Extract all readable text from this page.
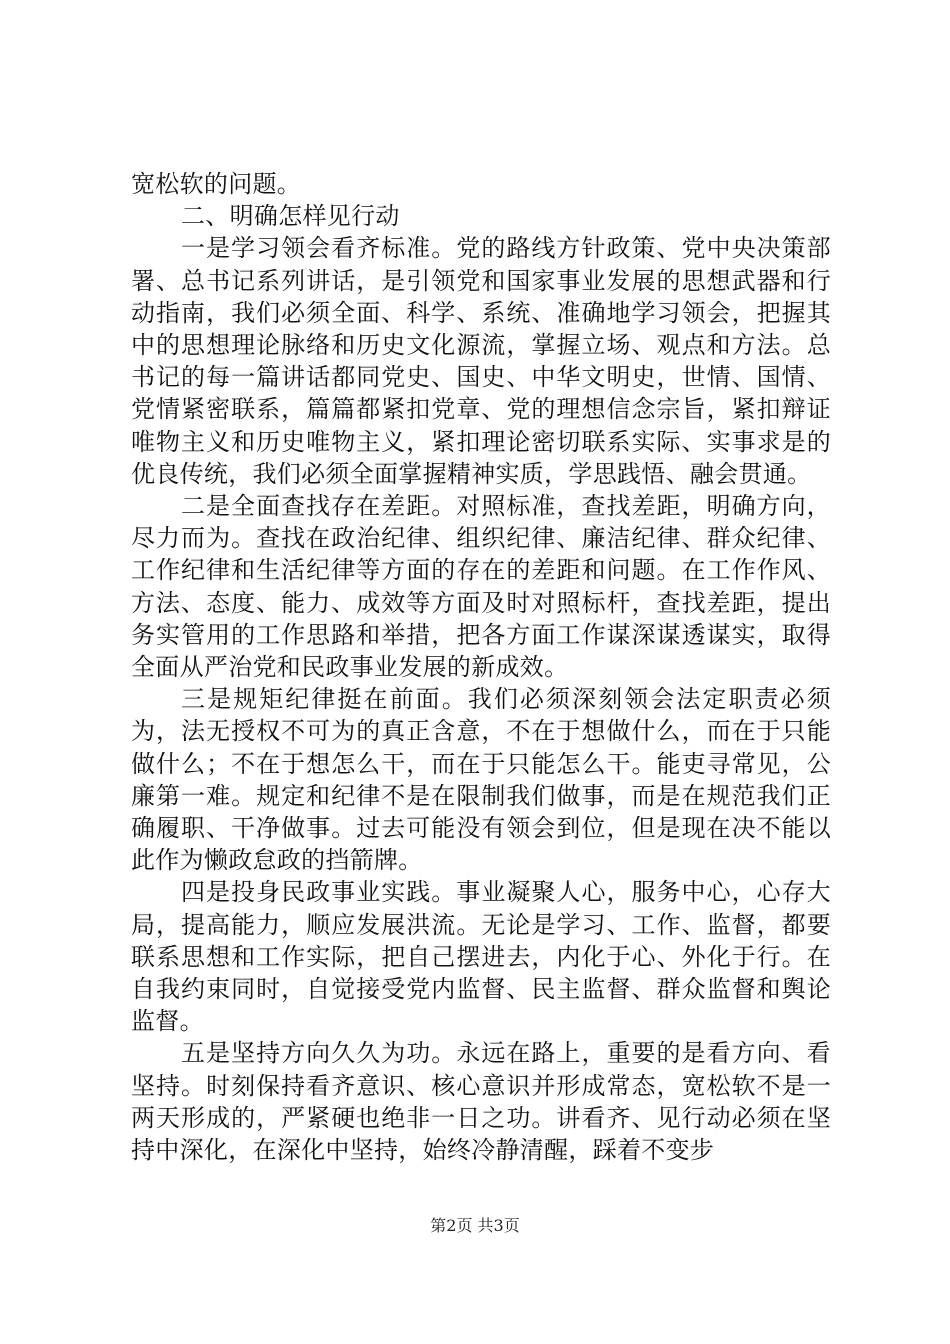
宽松软的问题。

二、明确怎样见行动

一是学习领会看齐标准。党的路线方针政策、党中央决策部署、总书记系列讲话，是引领党和国家事业发展的思想武器和行动指南，我们必须全面、科学、系统、准确地学习领会，把握其中的思想理论脉络和历史文化源流，掌握立场、观点和方法。总书记的每一篇讲话都同党史、国史、中华文明史，世情、国情、党情紧密联系，篇篇都紧扣党章、党的理想信念宗旨，紧扣辩证唯物主义和历史唯物主义，紧扣理论密切联系实际、实事求是的优良传统，我们必须全面掌握精神实质，学思践悟、融会贯通。

二是全面查找存在差距。对照标准，查找差距，明确方向，尽力而为。查找在政治纪律、组织纪律、廉洁纪律、群众纪律、工作纪律和生活纪律等方面的存在的差距和问题。在工作作风、方法、态度、能力、成效等方面及时对照标杆，查找差距，提出务实管用的工作思路和举措，把各方面工作谋深谋透谋实，取得全面从严治党和民政事业发展的新成效。

三是规矩纪律挺在前面。我们必须深刻领会法定职责必须为，法无授权不可为的真正含意，不在于想做什么，而在于只能做什么；不在于想怎么干，而在于只能怎么干。能吏寻常见，公廉第一难。规定和纪律不是在限制我们做事，而是在规范我们正确履职、干净做事。过去可能没有领会到位，但是现在决不能以此作为懒政怠政的挡箭牌。

四是投身民政事业实践。事业凝聚人心，服务中心，心存大局，提高能力，顺应发展洪流。无论是学习、工作、监督，都要联系思想和工作实际，把自己摆进去，内化于心、外化于行。在自我约束同时，自觉接受党内监督、民主监督、群众监督和舆论监督。

五是坚持方向久久为功。永远在路上，重要的是看方向、看坚持。时刻保持看齐意识、核心意识并形成常态，宽松软不是一两天形成的，严紧硬也绝非一日之功。讲看齐、见行动必须在坚持中深化，在深化中坚持，始终冷静清醒，踩着不变步

第2页 共3页
